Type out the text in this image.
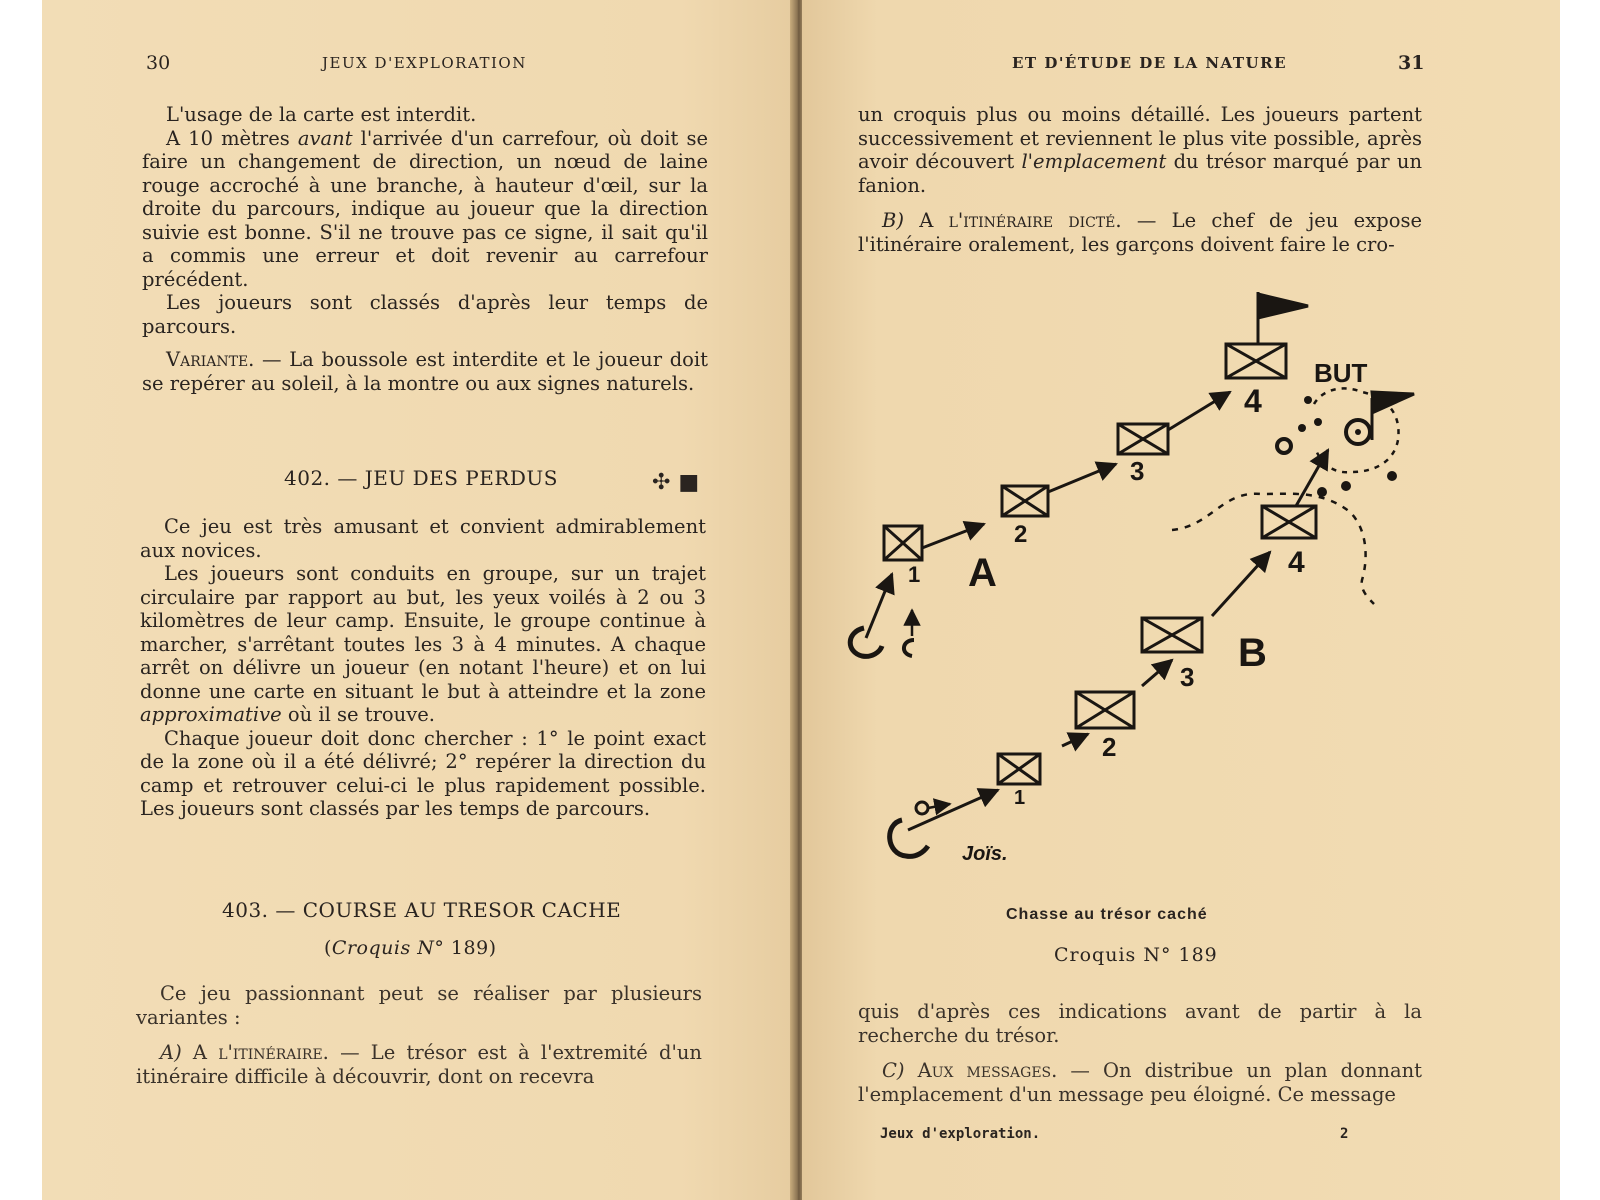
30	JEUX D'EXPLORATION

L'usage de la carte est interdit.

A 10 mètres avant l'arrivée d'un carrefour, où doit se faire un changement de direction, un nœud de laine rouge accroché à une branche, à hauteur d'œil, sur la droite du parcours, indique au joueur que la direction suivie est bonne. S'il ne trouve pas ce signe, il sait qu'il a commis une erreur et doit revenir au carrefour précédent.

Les joueurs sont classés d'après leur temps de parcours.

Variante. — La boussole est interdite et le joueur doit se repérer au soleil, à la montre ou aux signes naturels.

402. — JEU DES PERDUS	✣ ■

Ce jeu est très amusant et convient admirablement aux novices.

Les joueurs sont conduits en groupe, sur un trajet circulaire par rapport au but, les yeux voilés à 2 ou 3 kilomètres de leur camp. Ensuite, le groupe continue à marcher, s'arrêtant toutes les 3 à 4 minutes. A chaque arrêt on délivre un joueur (en notant l'heure) et on lui donne une carte en situant le but à atteindre et la zone approximative où il se trouve.

Chaque joueur doit donc chercher : 1° le point exact de la zone où il a été délivré; 2° repérer la direction du camp et retrouver celui-ci le plus rapidement possible. Les joueurs sont classés par les temps de parcours.

403. — COURSE AU TRESOR CACHE
(Croquis N° 189)

Ce jeu passionnant peut se réaliser par plusieurs variantes :

A) A l'itinéraire. — Le trésor est à l'extremité d'un itinéraire difficile à découvrir, dont on recevra

ET D'ÉTUDE DE LA NATURE	31

un croquis plus ou moins détaillé. Les joueurs partent successivement et reviennent le plus vite possible, après avoir découvert l'emplacement du trésor marqué par un fanion.

B) A l'itinéraire dicté. — Le chef de jeu expose l'itinéraire oralement, les garçons doivent faire le cro-

BUT
A
B
1
2
3
4
1
2
3
4
Joïs.
Chasse au trésor caché
Croquis N° 189

quis d'après ces indications avant de partir à la recherche du trésor.

C) Aux messages. — On distribue un plan donnant l'emplacement d'un message peu éloigné. Ce message

Jeux d'exploration.	2
